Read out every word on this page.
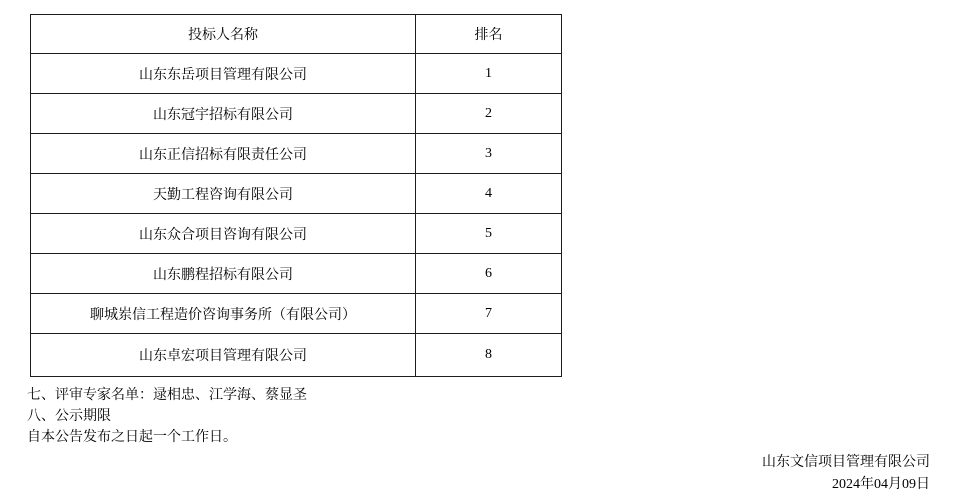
投标人名称	排名
山东东岳项目管理有限公司	1
山东冠宇招标有限公司	2
山东正信招标有限责任公司	3
天勤工程咨询有限公司	4
山东众合项目咨询有限公司	5
山东鹏程招标有限公司	6
聊城岽信工程造价咨询事务所（有限公司）	7
山东卓宏项目管理有限公司	8
七、评审专家名单：逯相忠、江学海、蔡显圣
八、公示期限
自本公告发布之日起一个工作日。
山东文信项目管理有限公司
2024年04月09日
